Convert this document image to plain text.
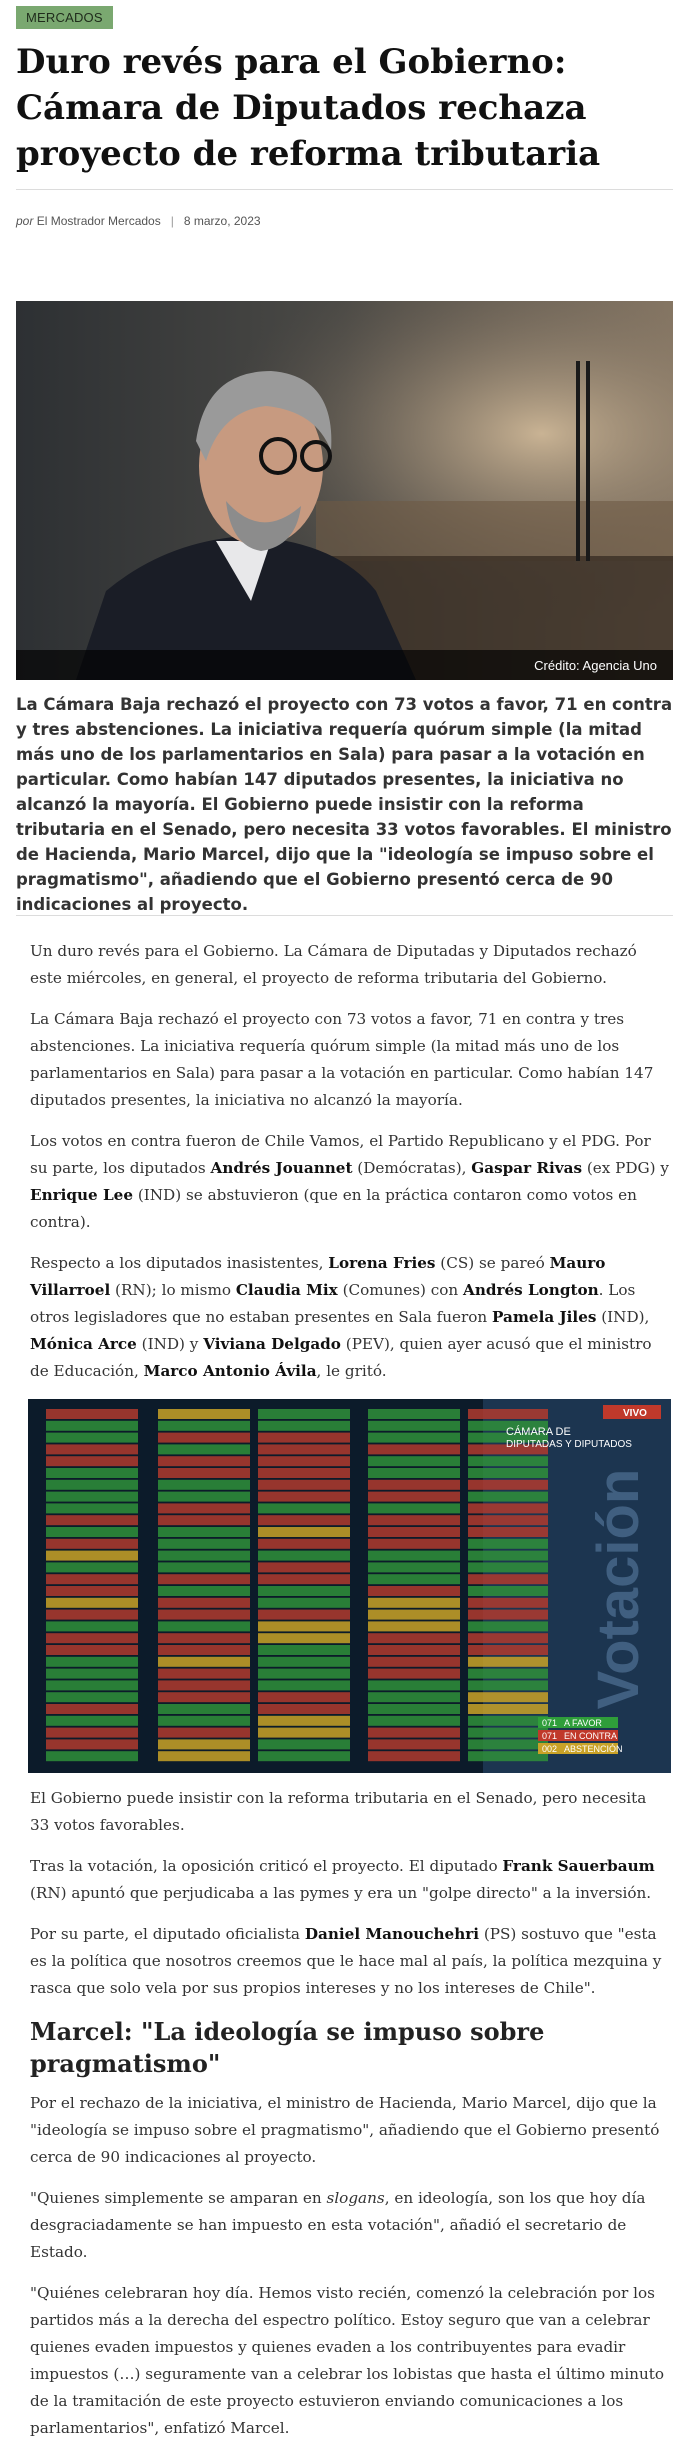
MERCADOS
Duro revés para el Gobierno: Cámara de Diputados rechaza proyecto de reforma tributaria
por El Mostrador Mercados | 8 marzo, 2023
Crédito: Agencia Uno

La Cámara Baja rechazó el proyecto con 73 votos a favor, 71 en contra y tres abstenciones. La iniciativa requería quórum simple (la mitad más uno de los parlamentarios en Sala) para pasar a la votación en particular. Como habían 147 diputados presentes, la iniciativa no alcanzó la mayoría. El Gobierno puede insistir con la reforma tributaria en el Senado, pero necesita 33 votos favorables. El ministro de Hacienda, Mario Marcel, dijo que la "ideología se impuso sobre el pragmatismo", añadiendo que el Gobierno presentó cerca de 90 indicaciones al proyecto.

Un duro revés para el Gobierno. La Cámara de Diputadas y Diputados rechazó este miércoles, en general, el proyecto de reforma tributaria del Gobierno.

La Cámara Baja rechazó el proyecto con 73 votos a favor, 71 en contra y tres abstenciones. La iniciativa requería quórum simple (la mitad más uno de los parlamentarios en Sala) para pasar a la votación en particular. Como habían 147 diputados presentes, la iniciativa no alcanzó la mayoría.

Los votos en contra fueron de Chile Vamos, el Partido Republicano y el PDG. Por su parte, los diputados Andrés Jouannet (Demócratas), Gaspar Rivas (ex PDG) y Enrique Lee (IND) se abstuvieron (que en la práctica contaron como votos en contra).

Respecto a los diputados inasistentes, Lorena Fries (CS) se pareó Mauro Villarroel (RN); lo mismo Claudia Mix (Comunes) con Andrés Longton. Los otros legisladores que no estaban presentes en Sala fueron Pamela Jiles (IND), Mónica Arce (IND) y Viviana Delgado (PEV), quien ayer acusó que el ministro de Educación, Marco Antonio Ávila, le gritó.

CÁMARA DE
DIPUTADAS Y DIPUTADOS
VIVO
Votación
071 A FAVOR
071 EN CONTRA
002 ABSTENCIÓN

El Gobierno puede insistir con la reforma tributaria en el Senado, pero necesita 33 votos favorables.

Tras la votación, la oposición criticó el proyecto. El diputado Frank Sauerbaum (RN) apuntó que perjudicaba a las pymes y era un "golpe directo" a la inversión.

Por su parte, el diputado oficialista Daniel Manouchehri (PS) sostuvo que "esta es la política que nosotros creemos que le hace mal al país, la política mezquina y rasca que solo vela por sus propios intereses y no los intereses de Chile".

Marcel: "La ideología se impuso sobre pragmatismo"

Por el rechazo de la iniciativa, el ministro de Hacienda, Mario Marcel, dijo que la "ideología se impuso sobre el pragmatismo", añadiendo que el Gobierno presentó cerca de 90 indicaciones al proyecto.

"Quienes simplemente se amparan en slogans, en ideología, son los que hoy día desgraciadamente se han impuesto en esta votación", añadió el secretario de Estado.

"Quiénes celebraran hoy día. Hemos visto recién, comenzó la celebración por los partidos más a la derecha del espectro político. Estoy seguro que van a celebrar quienes evaden impuestos y quienes evaden a los contribuyentes para evadir impuestos (…) seguramente van a celebrar los lobistas que hasta el último minuto de la tramitación de este proyecto estuvieron enviando comunicaciones a los parlamentarios", enfatizó Marcel.
